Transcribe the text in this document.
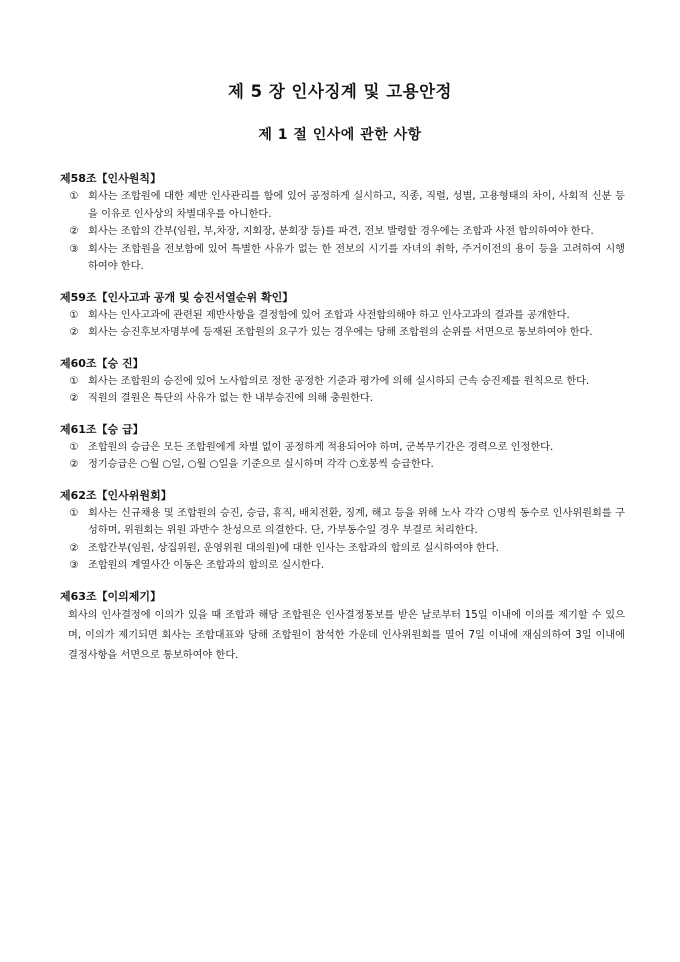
제 5 장 인사징계 및 고용안정
제 1 절 인사에 관한 사항
제58조【인사원칙】
① 회사는 조합원에 대한 제반 인사관리를 함에 있어 공정하게 실시하고, 직종, 직렬, 성별, 고용형태의 차이, 사회적 신분 등을 이유로 인사상의 차별대우를 아니한다.
② 회사는 조합의 간부(임원, 부,차장, 지회장, 분회장 등)를 파견, 전보 발령할 경우에는 조합과 사전 합의하여야 한다.
③ 회사는 조합원을 전보함에 있어 특별한 사유가 없는 한 전보의 시기를 자녀의 취학, 주거이전의 용이 등을 고려하여 시행하여야 한다.
제59조【인사고과 공개 및 승진서열순위 확인】
① 회사는 인사고과에 관련된 제반사항을 결정함에 있어 조합과 사전합의해야 하고 인사고과의 결과를 공개한다.
② 회사는 승진후보자명부에 등재된 조합원의 요구가 있는 경우에는 당해 조합원의 순위를 서면으로 통보하여야 한다.
제60조【승 진】
① 회사는 조합원의 승진에 있어 노사합의로 정한 공정한 기준과 평가에 의해 실시하되 근속 승진제를 원칙으로 한다.
② 직원의 결원은 특단의 사유가 없는 한 내부승진에 의해 충원한다.
제61조【승 급】
① 조합원의 승급은 모든 조합원에게 차별 없이 공정하게 적용되어야 하며, 군복무기간은 경력으로 인정한다.
② 정기승급은 ○월 ○일, ○월 ○일을 기준으로 실시하며 각각 ○호봉씩 승급한다.
제62조【인사위원회】
① 회사는 신규채용 및 조합원의 승진, 승급, 휴직, 배치전환, 징계, 해고 등을 위해 노사 각각 ○명씩 동수로 인사위원회를 구성하며, 위원회는 위원 과반수 찬성으로 의결한다. 단, 가부동수일 경우 부결로 처리한다.
② 조합간부(임원, 상집위원, 운영위원 대의원)에 대한 인사는 조합과의 합의로 실시하여야 한다.
③ 조합원의 계열사간 이동은 조합과의 합의로 실시한다.
제63조【이의제기】
회사의 인사결정에 이의가 있을 때 조합과 해당 조합원은 인사결정통보를 받은 날로부터 15일 이내에 이의를 제기할 수 있으며, 이의가 제기되면 회사는 조합대표와 당해 조합원이 참석한 가운데 인사위원회를 열어 7일 이내에 재심의하여 3일 이내에 결정사항을 서면으로 통보하여야 한다.
